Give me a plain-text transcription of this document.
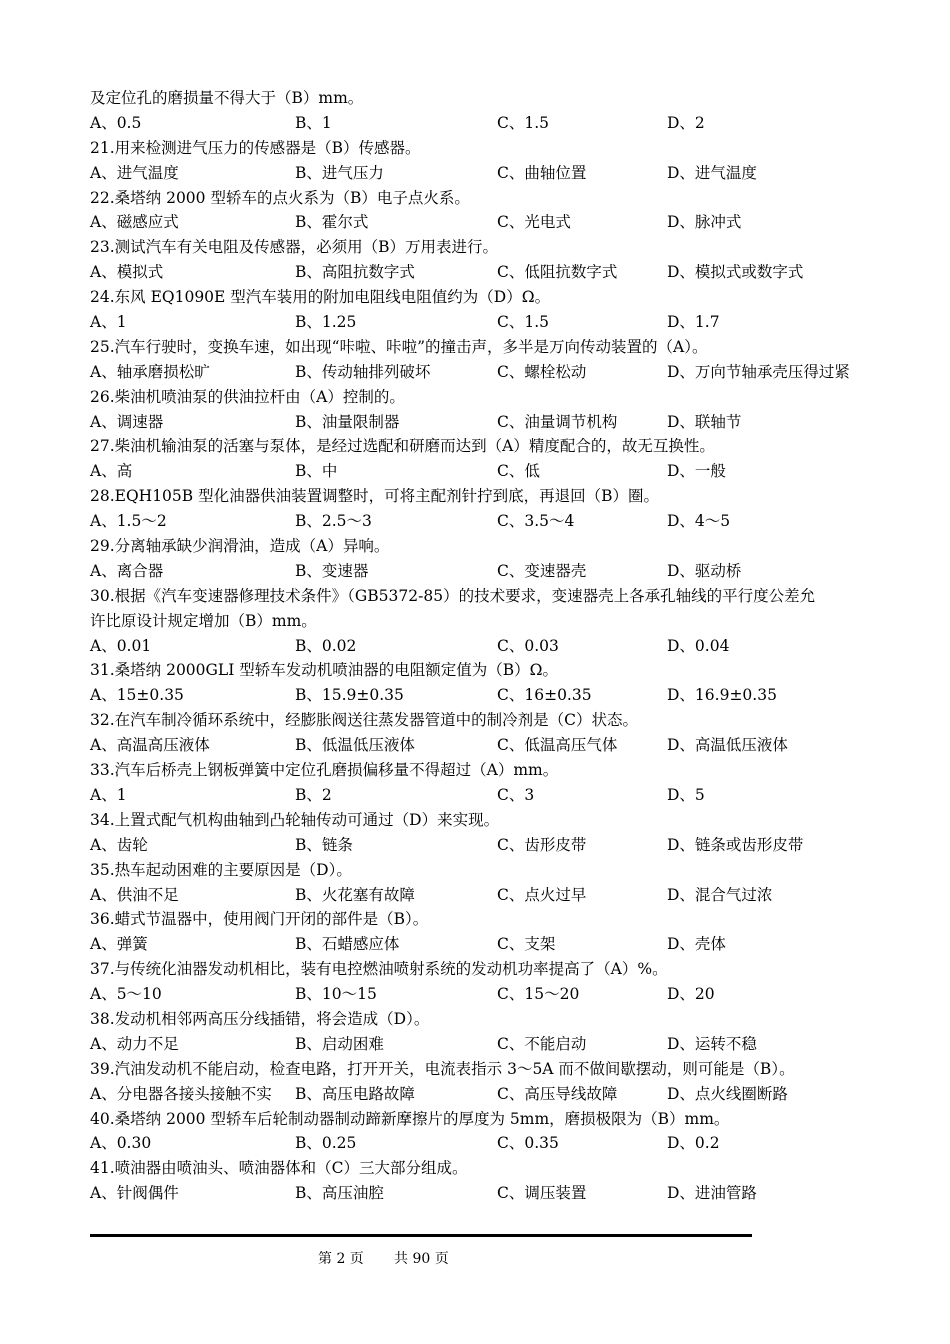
及定位孔的磨损量不得大于（B）mm。
A、0.5	B、1	C、1.5	D、2
21.用来检测进气压力的传感器是（B）传感器。
A、进气温度	B、进气压力	C、曲轴位置	D、进气温度
22.桑塔纳 2000 型轿车的点火系为（B）电子点火系。
A、磁感应式	B、霍尔式	C、光电式	D、脉冲式
23.测试汽车有关电阻及传感器，必须用（B）万用表进行。
A、模拟式	B、高阻抗数字式	C、低阻抗数字式	D、模拟式或数字式
24.东风 EQ1090E 型汽车装用的附加电阻线电阻值约为（D）Ω。
A、1	B、1.25	C、1.5	D、1.7
25.汽车行驶时，变换车速，如出现“咔啦、咔啦”的撞击声，多半是万向传动装置的（A）。
A、轴承磨损松旷	B、传动轴排列破坏	C、螺栓松动	D、万向节轴承壳压得过紧
26.柴油机喷油泵的供油拉杆由（A）控制的。
A、调速器	B、油量限制器	C、油量调节机构	D、联轴节
27.柴油机输油泵的活塞与泵体，是经过选配和研磨而达到（A）精度配合的，故无互换性。
A、高	B、中	C、低	D、一般
28.EQH105B 型化油器供油装置调整时，可将主配剂针拧到底，再退回（B）圈。
A、1.5～2	B、2.5～3	C、3.5～4	D、4～5
29.分离轴承缺少润滑油，造成（A）异响。
A、离合器	B、变速器	C、变速器壳	D、驱动桥
30.根据《汽车变速器修理技术条件》（GB5372-85）的技术要求，变速器壳上各承孔轴线的平行度公差允
许比原设计规定增加（B）mm。
A、0.01	B、0.02	C、0.03	D、0.04
31.桑塔纳 2000GLI 型轿车发动机喷油器的电阻额定值为（B）Ω。
A、15±0.35	B、15.9±0.35	C、16±0.35	D、16.9±0.35
32.在汽车制冷循环系统中，经膨胀阀送往蒸发器管道中的制冷剂是（C）状态。
A、高温高压液体	B、低温低压液体	C、低温高压气体	D、高温低压液体
33.汽车后桥壳上钢板弹簧中定位孔磨损偏移量不得超过（A）mm。
A、1	B、2	C、3	D、5
34.上置式配气机构曲轴到凸轮轴传动可通过（D）来实现。
A、齿轮	B、链条	C、齿形皮带	D、链条或齿形皮带
35.热车起动困难的主要原因是（D）。
A、供油不足	B、火花塞有故障	C、点火过早	D、混合气过浓
36.蜡式节温器中，使用阀门开闭的部件是（B）。
A、弹簧	B、石蜡感应体	C、支架	D、壳体
37.与传统化油器发动机相比，装有电控燃油喷射系统的发动机功率提高了（A）%。
A、5～10	B、10～15	C、15～20	D、20
38.发动机相邻两高压分线插错，将会造成（D）。
A、动力不足	B、启动困难	C、不能启动	D、运转不稳
39.汽油发动机不能启动，检查电路，打开开关，电流表指示 3～5A 而不做间歇摆动，则可能是（B）。
A、分电器各接头接触不实 B、高压电路故障	C、高压导线故障	D、点火线圈断路
40.桑塔纳 2000 型轿车后轮制动器制动蹄新摩擦片的厚度为 5mm，磨损极限为（B）mm。
A、0.30	B、0.25	C、0.35	D、0.2
41.喷油器由喷油头、喷油器体和（C）三大部分组成。
A、针阀偶件	B、高压油腔	C、调压装置	D、进油管路
第 2 页 共 90 页
